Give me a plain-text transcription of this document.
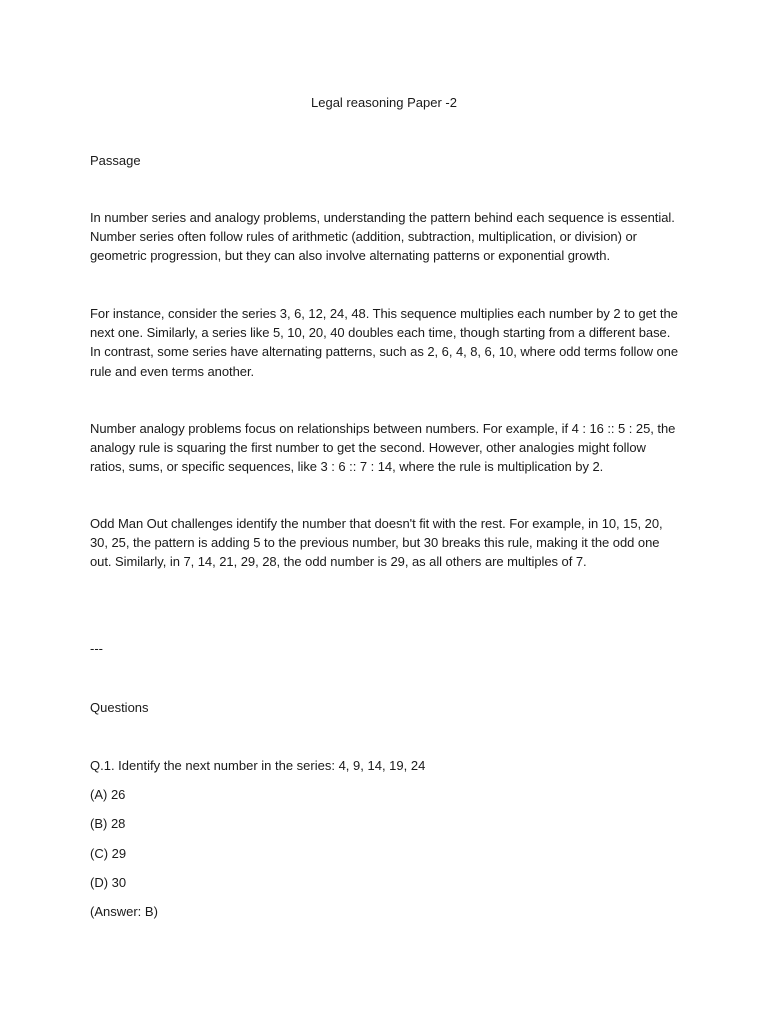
Legal reasoning Paper -2

Passage

In number series and analogy problems, understanding the pattern behind each sequence is essential. Number series often follow rules of arithmetic (addition, subtraction, multiplication, or division) or geometric progression, but they can also involve alternating patterns or exponential growth.

For instance, consider the series 3, 6, 12, 24, 48. This sequence multiplies each number by 2 to get the next one. Similarly, a series like 5, 10, 20, 40 doubles each time, though starting from a different base. In contrast, some series have alternating patterns, such as 2, 6, 4, 8, 6, 10, where odd terms follow one rule and even terms another.

Number analogy problems focus on relationships between numbers. For example, if 4 : 16 :: 5 : 25, the analogy rule is squaring the first number to get the second. However, other analogies might follow ratios, sums, or specific sequences, like 3 : 6 :: 7 : 14, where the rule is multiplication by 2.

Odd Man Out challenges identify the number that doesn't fit with the rest. For example, in 10, 15, 20, 30, 25, the pattern is adding 5 to the previous number, but 30 breaks this rule, making it the odd one out. Similarly, in 7, 14, 21, 29, 28, the odd number is 29, as all others are multiples of 7.

---

Questions

Q.1. Identify the next number in the series: 4, 9, 14, 19, 24

(A) 26

(B) 28

(C) 29

(D) 30

(Answer: B)
